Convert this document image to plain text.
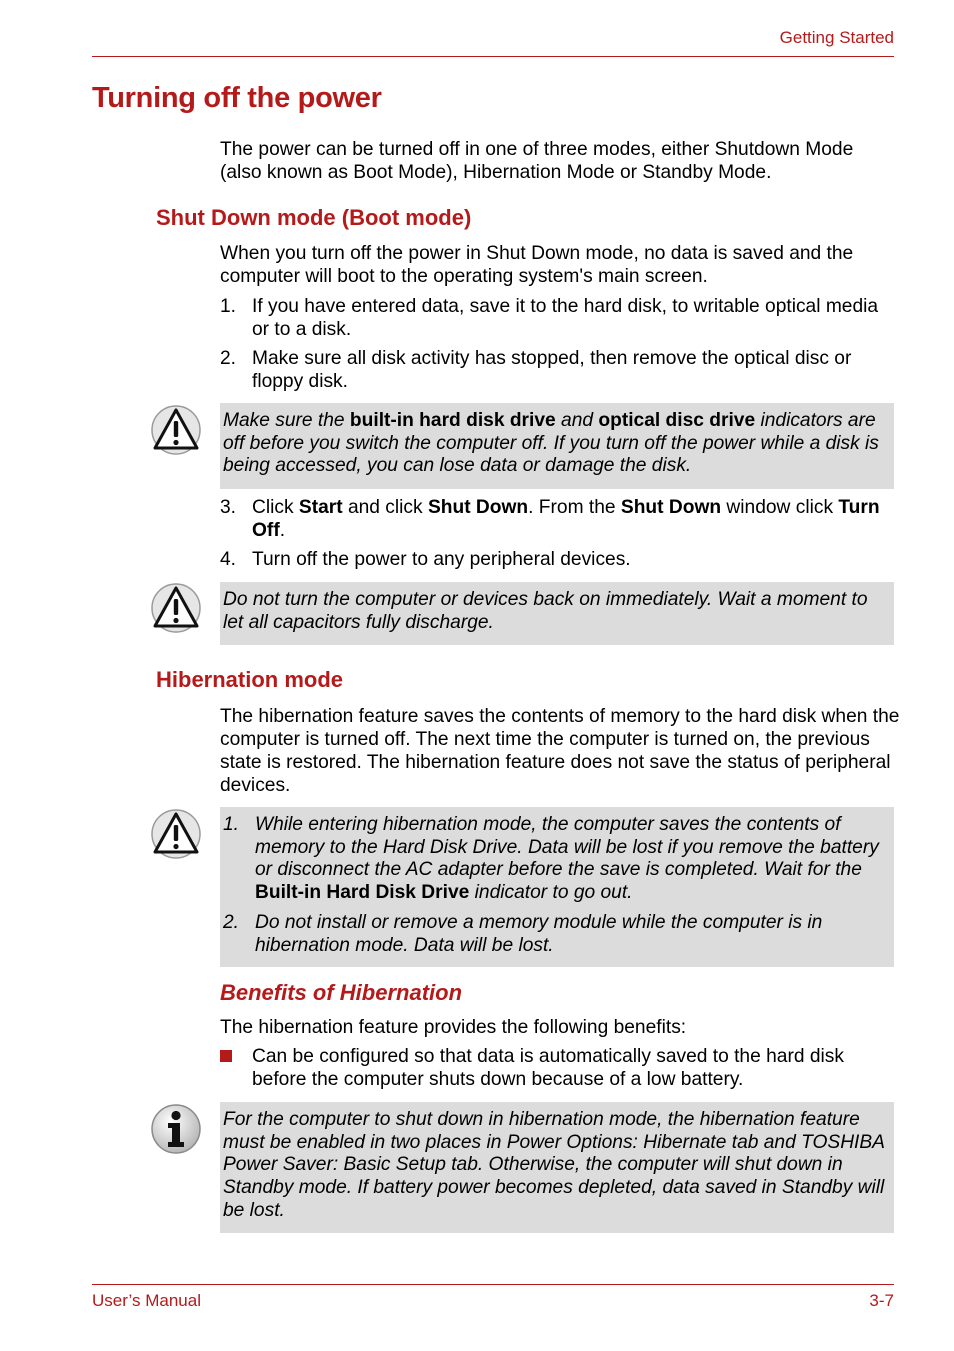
Getting Started
Turning off the power
The power can be turned off in one of three modes, either Shutdown Mode (also known as Boot Mode), Hibernation Mode or Standby Mode.
Shut Down mode (Boot mode)
When you turn off the power in Shut Down mode, no data is saved and the computer will boot to the operating system's main screen.
1. If you have entered data, save it to the hard disk, to writable optical media or to a disk.
2. Make sure all disk activity has stopped, then remove the optical disc or floppy disk.
Make sure the built-in hard disk drive and optical disc drive indicators are off before you switch the computer off. If you turn off the power while a disk is being accessed, you can lose data or damage the disk.
3. Click Start and click Shut Down. From the Shut Down window click Turn Off.
4. Turn off the power to any peripheral devices.
Do not turn the computer or devices back on immediately. Wait a moment to let all capacitors fully discharge.
Hibernation mode
The hibernation feature saves the contents of memory to the hard disk when the computer is turned off. The next time the computer is turned on, the previous state is restored. The hibernation feature does not save the status of peripheral devices.
1. While entering hibernation mode, the computer saves the contents of memory to the Hard Disk Drive. Data will be lost if you remove the battery or disconnect the AC adapter before the save is completed. Wait for the Built-in Hard Disk Drive indicator to go out.
2. Do not install or remove a memory module while the computer is in hibernation mode. Data will be lost.
Benefits of Hibernation
The hibernation feature provides the following benefits:
Can be configured so that data is automatically saved to the hard disk before the computer shuts down because of a low battery.
For the computer to shut down in hibernation mode, the hibernation feature must be enabled in two places in Power Options: Hibernate tab and TOSHIBA Power Saver: Basic Setup tab. Otherwise, the computer will shut down in Standby mode. If battery power becomes depleted, data saved in Standby will be lost.
User’s Manual	3-7
